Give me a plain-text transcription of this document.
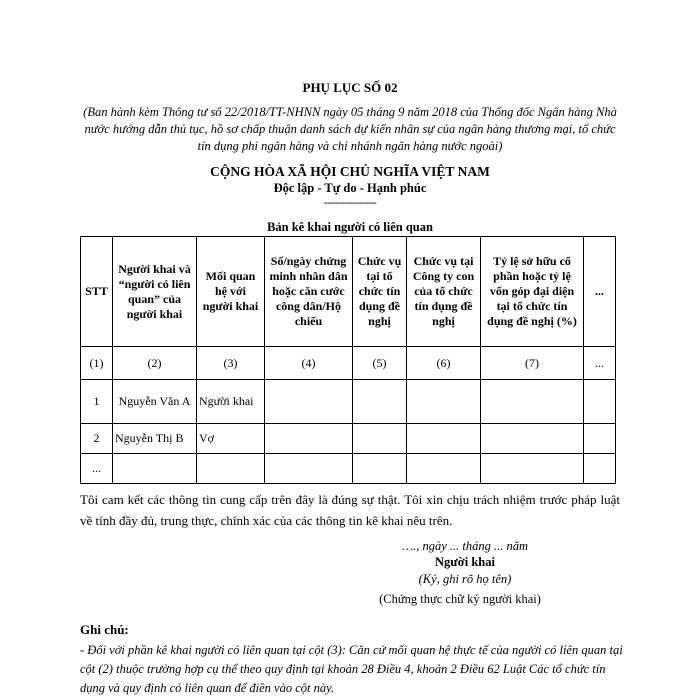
PHỤ LỤC SỐ 02
(Ban hành kèm Thông tư số 22/2018/TT-NHNN ngày 05 tháng 9 năm 2018 của Thống đốc Ngân hàng Nhà nước hướng dẫn thủ tục, hồ sơ chấp thuận danh sách dự kiến nhân sự của ngân hàng thương mại, tổ chức tín dụng phi ngân hàng và chi nhánh ngân hàng nước ngoài)
CỘNG HÒA XÃ HỘI CHỦ NGHĨA VIỆT NAM
Độc lập - Tự do - Hạnh phúc
---------------
Bản kê khai người có liên quan
STT	Người khai và “người có liên quan” của người khai	Mối quan hệ với người khai	Số/ngày chứng minh nhân dân hoặc căn cước công dân/Hộ chiếu	Chức vụ tại tổ chức tín dụng đề nghị	Chức vụ tại Công ty con của tổ chức tín dụng đề nghị	Tỷ lệ sở hữu cổ phần hoặc tỷ lệ vốn góp đại diện tại tổ chức tín dụng đề nghị (%)	...
(1)	(2)	(3)	(4)	(5)	(6)	(7)	...
1	Nguyễn Văn A	Người khai					
2	Nguyễn Thị B	Vợ					
...							
Tôi cam kết các thông tin cung cấp trên đây là đúng sự thật. Tôi xin chịu trách nhiệm trước pháp luật về tính đầy đủ, trung thực, chính xác của các thông tin kê khai nêu trên.
…., ngày ... tháng ... năm
Người khai
(Ký, ghi rõ họ tên)
(Chứng thực chữ ký người khai)
Ghi chú:
- Đối với phần kê khai người có liên quan tại cột (3): Căn cứ mối quan hệ thực tế của người có liên quan tại cột (2) thuộc trường hợp cụ thể theo quy định tại khoản 28 Điều 4, khoản 2 Điều 62 Luật Các tổ chức tín dụng và quy định có liên quan để điền vào cột này.
